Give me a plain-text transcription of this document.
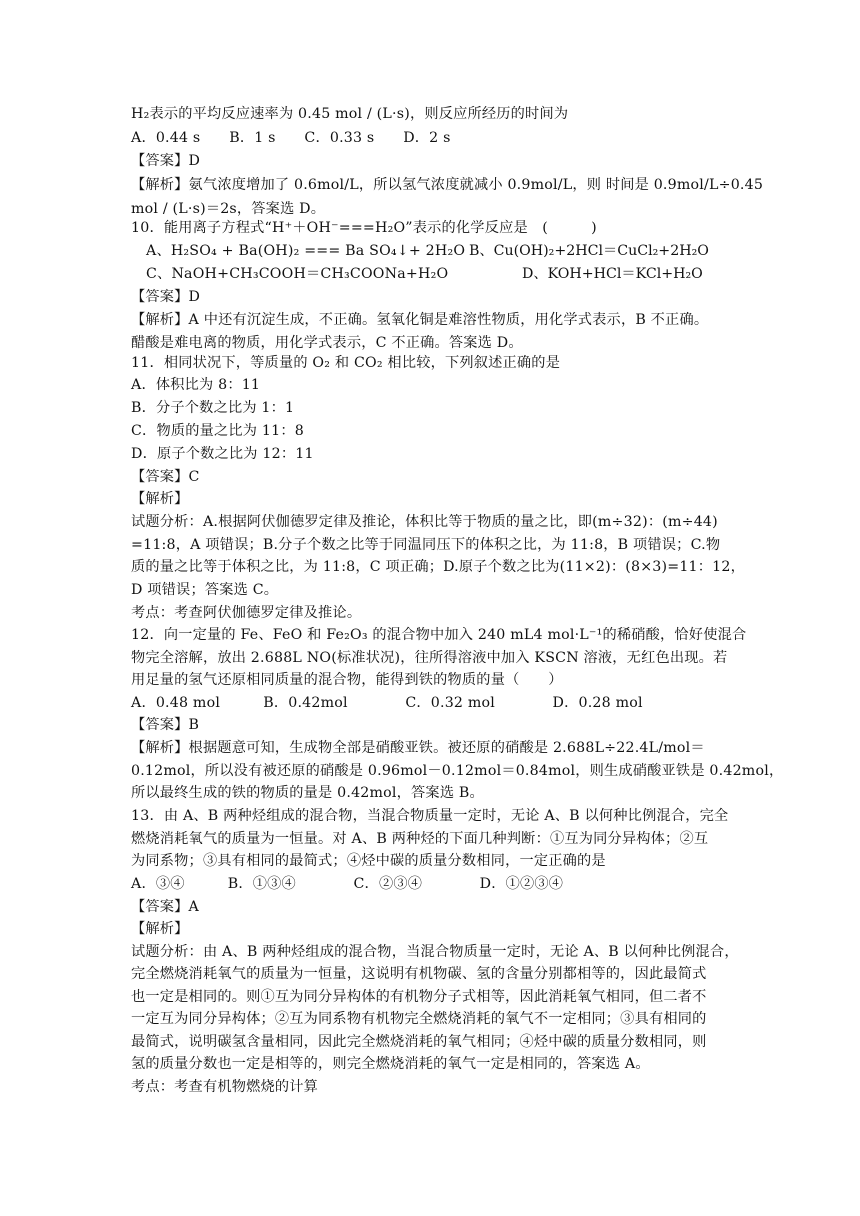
H₂表示的平均反应速率为 0.45 mol / (L·s)，则反应所经历的时间为
A．0.44 s　　B．1 s　　C．0.33 s　　D．2 s
【答案】D
【解析】氨气浓度增加了 0.6mol/L，所以氢气浓度就减小 0.9mol/L，则 时间是 0.9mol/L÷0.45
mol / (L·s)＝2s，答案选 D。
10．能用离子方程式“H⁺＋OH⁻===H₂O”表示的化学反应是　(　　　)
A、H₂SO₄ + Ba(OH)₂ === Ba SO₄↓+ 2H₂O B、Cu(OH)₂+2HCl＝CuCl₂+2H₂O
C、NaOH+CH₃COOH＝CH₃COONa+H₂O	D、KOH+HCl＝KCl+H₂O
【答案】D
【解析】A 中还有沉淀生成，不正确。氢氧化铜是难溶性物质，用化学式表示，B 不正确。
醋酸是难电离的物质，用化学式表示，C 不正确。答案选 D。
11．相同状况下，等质量的 O₂ 和 CO₂ 相比较，下列叙述正确的是
A．体积比为 8：11
B．分子个数之比为 1：1
C．物质的量之比为 11：8
D．原子个数之比为 12：11
【答案】C
【解析】
试题分析：A.根据阿伏伽德罗定律及推论，体积比等于物质的量之比，即(m÷32)：(m÷44)
=11:8，A 项错误；B.分子个数之比等于同温同压下的体积之比，为 11:8，B 项错误；C.物
质的量之比等于体积之比，为 11:8，C 项正确；D.原子个数之比为(11×2)：(8×3)=11：12，
D 项错误；答案选 C。
考点：考查阿伏伽德罗定律及推论。
12．向一定量的 Fe、FeO 和 Fe₂O₃ 的混合物中加入 240 mL4 mol·L⁻¹的稀硝酸，恰好使混合
物完全溶解，放出 2.688L NO(标准状况)，往所得溶液中加入 KSCN 溶液，无红色出现。若
用足量的氢气还原相同质量的混合物，能得到铁的物质的量（　　）
A．0.48 mol　　　B．0.42mol　　　　C．0.32 mol　　　　D．0.28 mol
【答案】B
【解析】根据题意可知，生成物全部是硝酸亚铁。被还原的硝酸是 2.688L÷22.4L/mol＝
0.12mol，所以没有被还原的硝酸是 0.96mol－0.12mol＝0.84mol，则生成硝酸亚铁是 0.42mol，
所以最终生成的铁的物质的量是 0.42mol，答案选 B。
13．由 A、B 两种烃组成的混合物，当混合物质量一定时，无论 A、B 以何种比例混合，完全
燃烧消耗氧气的质量为一恒量。对 A、B 两种烃的下面几种判断：①互为同分异构体；②互
为同系物；③具有相同的最简式；④烃中碳的质量分数相同，一定正确的是
A．③④　　　B．①③④　　　　C．②③④　　　　D．①②③④
【答案】A
【解析】
试题分析：由 A、B 两种烃组成的混合物，当混合物质量一定时，无论 A、B 以何种比例混合，
完全燃烧消耗氧气的质量为一恒量，这说明有机物碳、氢的含量分别都相等的，因此最简式
也一定是相同的。则①互为同分异构体的有机物分子式相等，因此消耗氧气相同，但二者不
一定互为同分异构体；②互为同系物有机物完全燃烧消耗的氧气不一定相同；③具有相同的
最简式，说明碳氢含量相同，因此完全燃烧消耗的氧气相同；④烃中碳的质量分数相同，则
氢的质量分数也一定是相等的，则完全燃烧消耗的氧气一定是相同的，答案选 A。
考点：考查有机物燃烧的计算
